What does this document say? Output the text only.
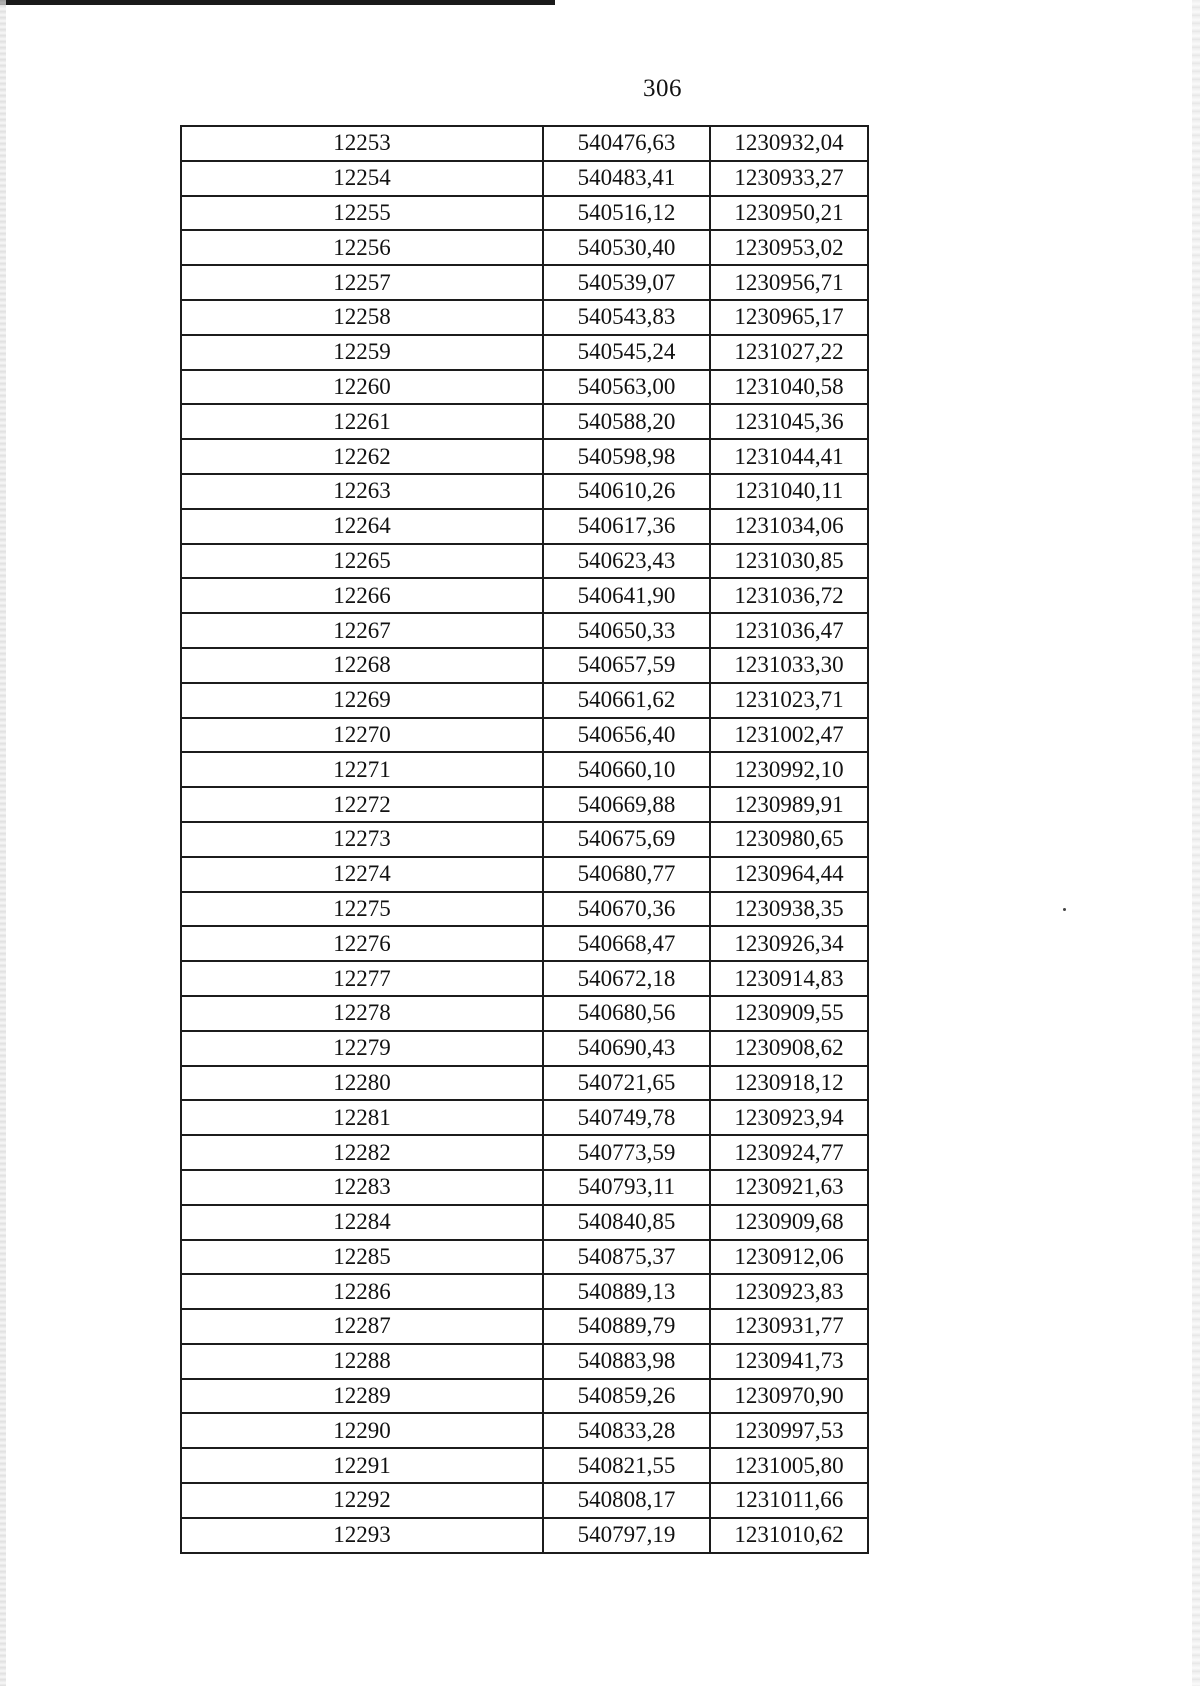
306
12253	540476,63	1230932,04
12254	540483,41	1230933,27
12255	540516,12	1230950,21
12256	540530,40	1230953,02
12257	540539,07	1230956,71
12258	540543,83	1230965,17
12259	540545,24	1231027,22
12260	540563,00	1231040,58
12261	540588,20	1231045,36
12262	540598,98	1231044,41
12263	540610,26	1231040,11
12264	540617,36	1231034,06
12265	540623,43	1231030,85
12266	540641,90	1231036,72
12267	540650,33	1231036,47
12268	540657,59	1231033,30
12269	540661,62	1231023,71
12270	540656,40	1231002,47
12271	540660,10	1230992,10
12272	540669,88	1230989,91
12273	540675,69	1230980,65
12274	540680,77	1230964,44
12275	540670,36	1230938,35
12276	540668,47	1230926,34
12277	540672,18	1230914,83
12278	540680,56	1230909,55
12279	540690,43	1230908,62
12280	540721,65	1230918,12
12281	540749,78	1230923,94
12282	540773,59	1230924,77
12283	540793,11	1230921,63
12284	540840,85	1230909,68
12285	540875,37	1230912,06
12286	540889,13	1230923,83
12287	540889,79	1230931,77
12288	540883,98	1230941,73
12289	540859,26	1230970,90
12290	540833,28	1230997,53
12291	540821,55	1231005,80
12292	540808,17	1231011,66
12293	540797,19	1231010,62
